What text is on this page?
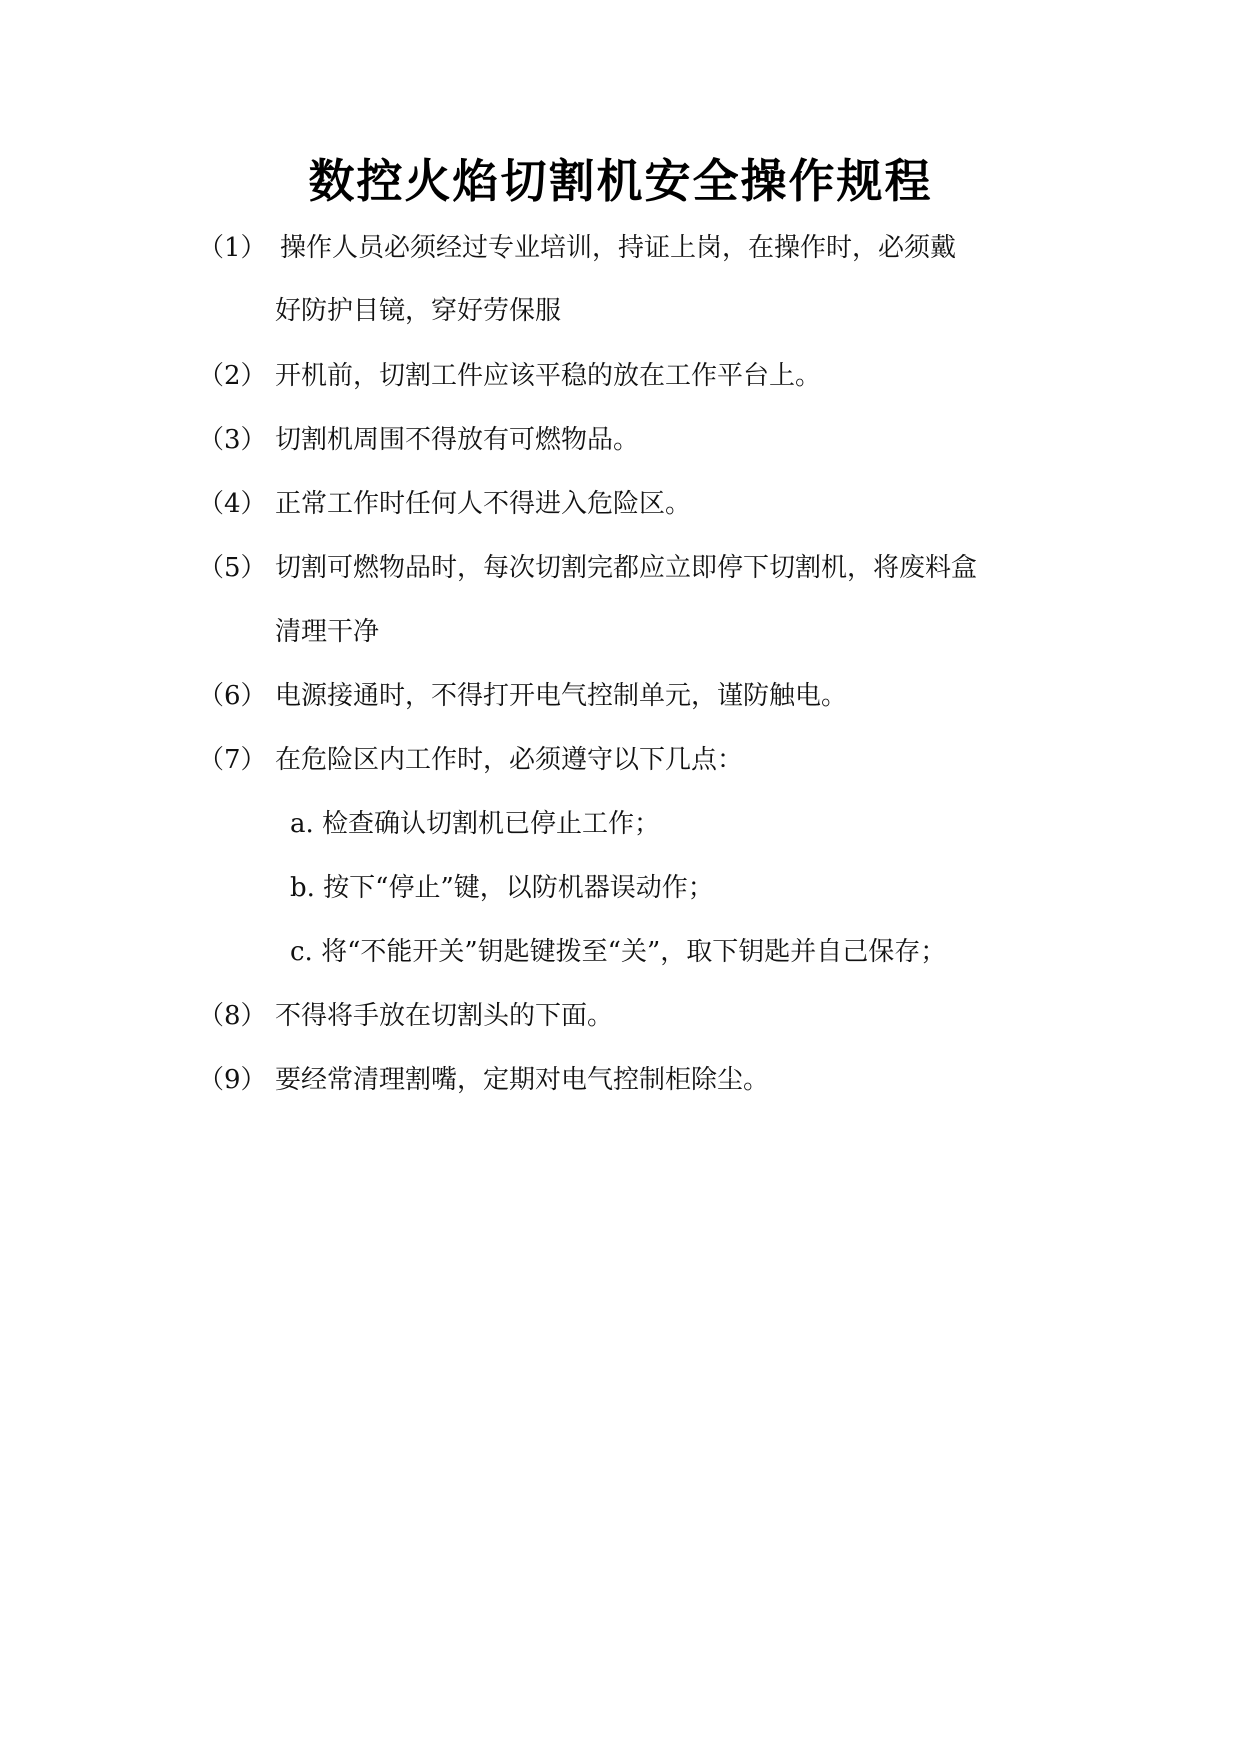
数控火焰切割机安全操作规程
（1） 操作人员必须经过专业培训，持证上岗，在操作时，必须戴
好防护目镜，穿好劳保服
（2） 开机前，切割工件应该平稳的放在工作平台上。
（3） 切割机周围不得放有可燃物品。
（4） 正常工作时任何人不得进入危险区。
（5） 切割可燃物品时，每次切割完都应立即停下切割机，将废料盒
清理干净
（6） 电源接通时，不得打开电气控制单元，谨防触电。
（7） 在危险区内工作时，必须遵守以下几点：
a. 检查确认切割机已停止工作；
b. 按下“停止”键，以防机器误动作；
c. 将“不能开关”钥匙键拨至“关”，取下钥匙并自己保存；
（8） 不得将手放在切割头的下面。
（9） 要经常清理割嘴，定期对电气控制柜除尘。
